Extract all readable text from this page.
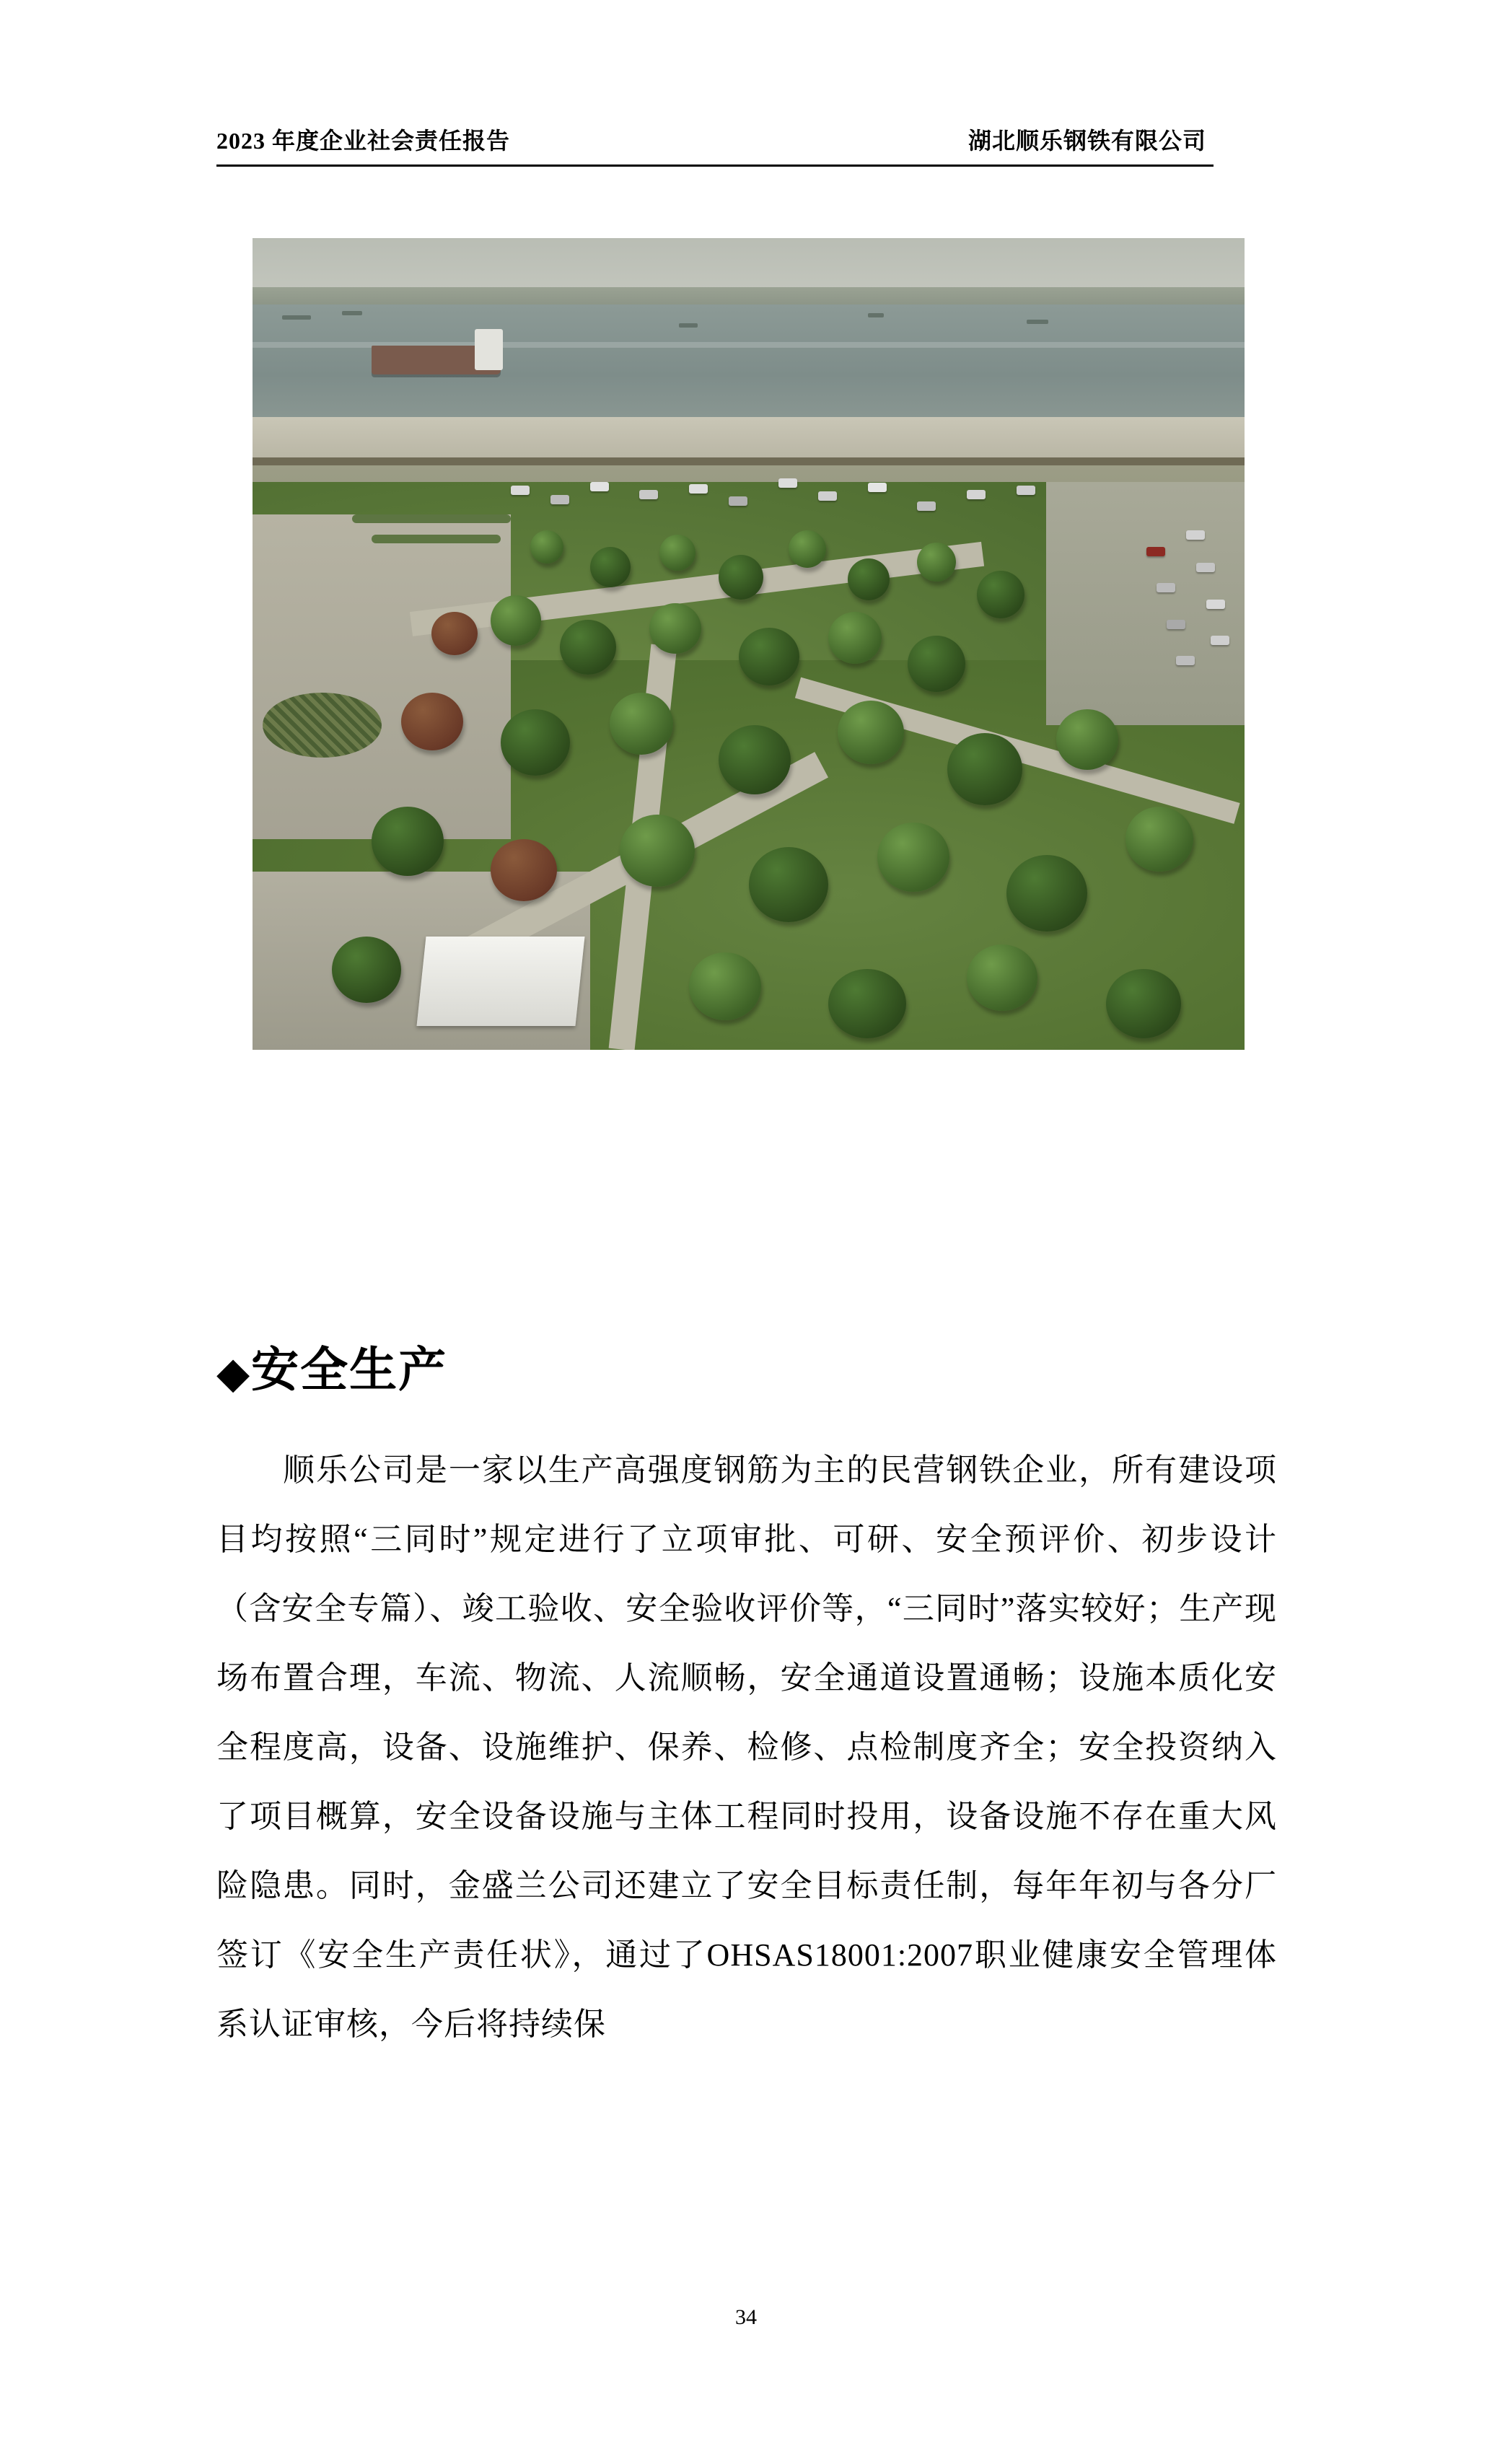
2023 年度企业社会责任报告	湖北顺乐钢铁有限公司
◆安全生产

顺乐公司是一家以生产高强度钢筋为主的民营钢铁企业，所有建设项目均按照“三同时”规定进行了立项审批、可研、安全预评价、初步设计（含安全专篇）、竣工验收、安全验收评价等，“三同时”落实较好；生产现场布置合理，车流、物流、人流顺畅，安全通道设置通畅；设施本质化安全程度高，设备、设施维护、保养、检修、点检制度齐全；安全投资纳入了项目概算，安全设备设施与主体工程同时投用，设备设施不存在重大风险隐患。同时，金盛兰公司还建立了安全目标责任制，每年年初与各分厂签订《安全生产责任状》，通过了OHSAS18001:2007职业健康安全管理体系认证审核，今后将持续保

34
